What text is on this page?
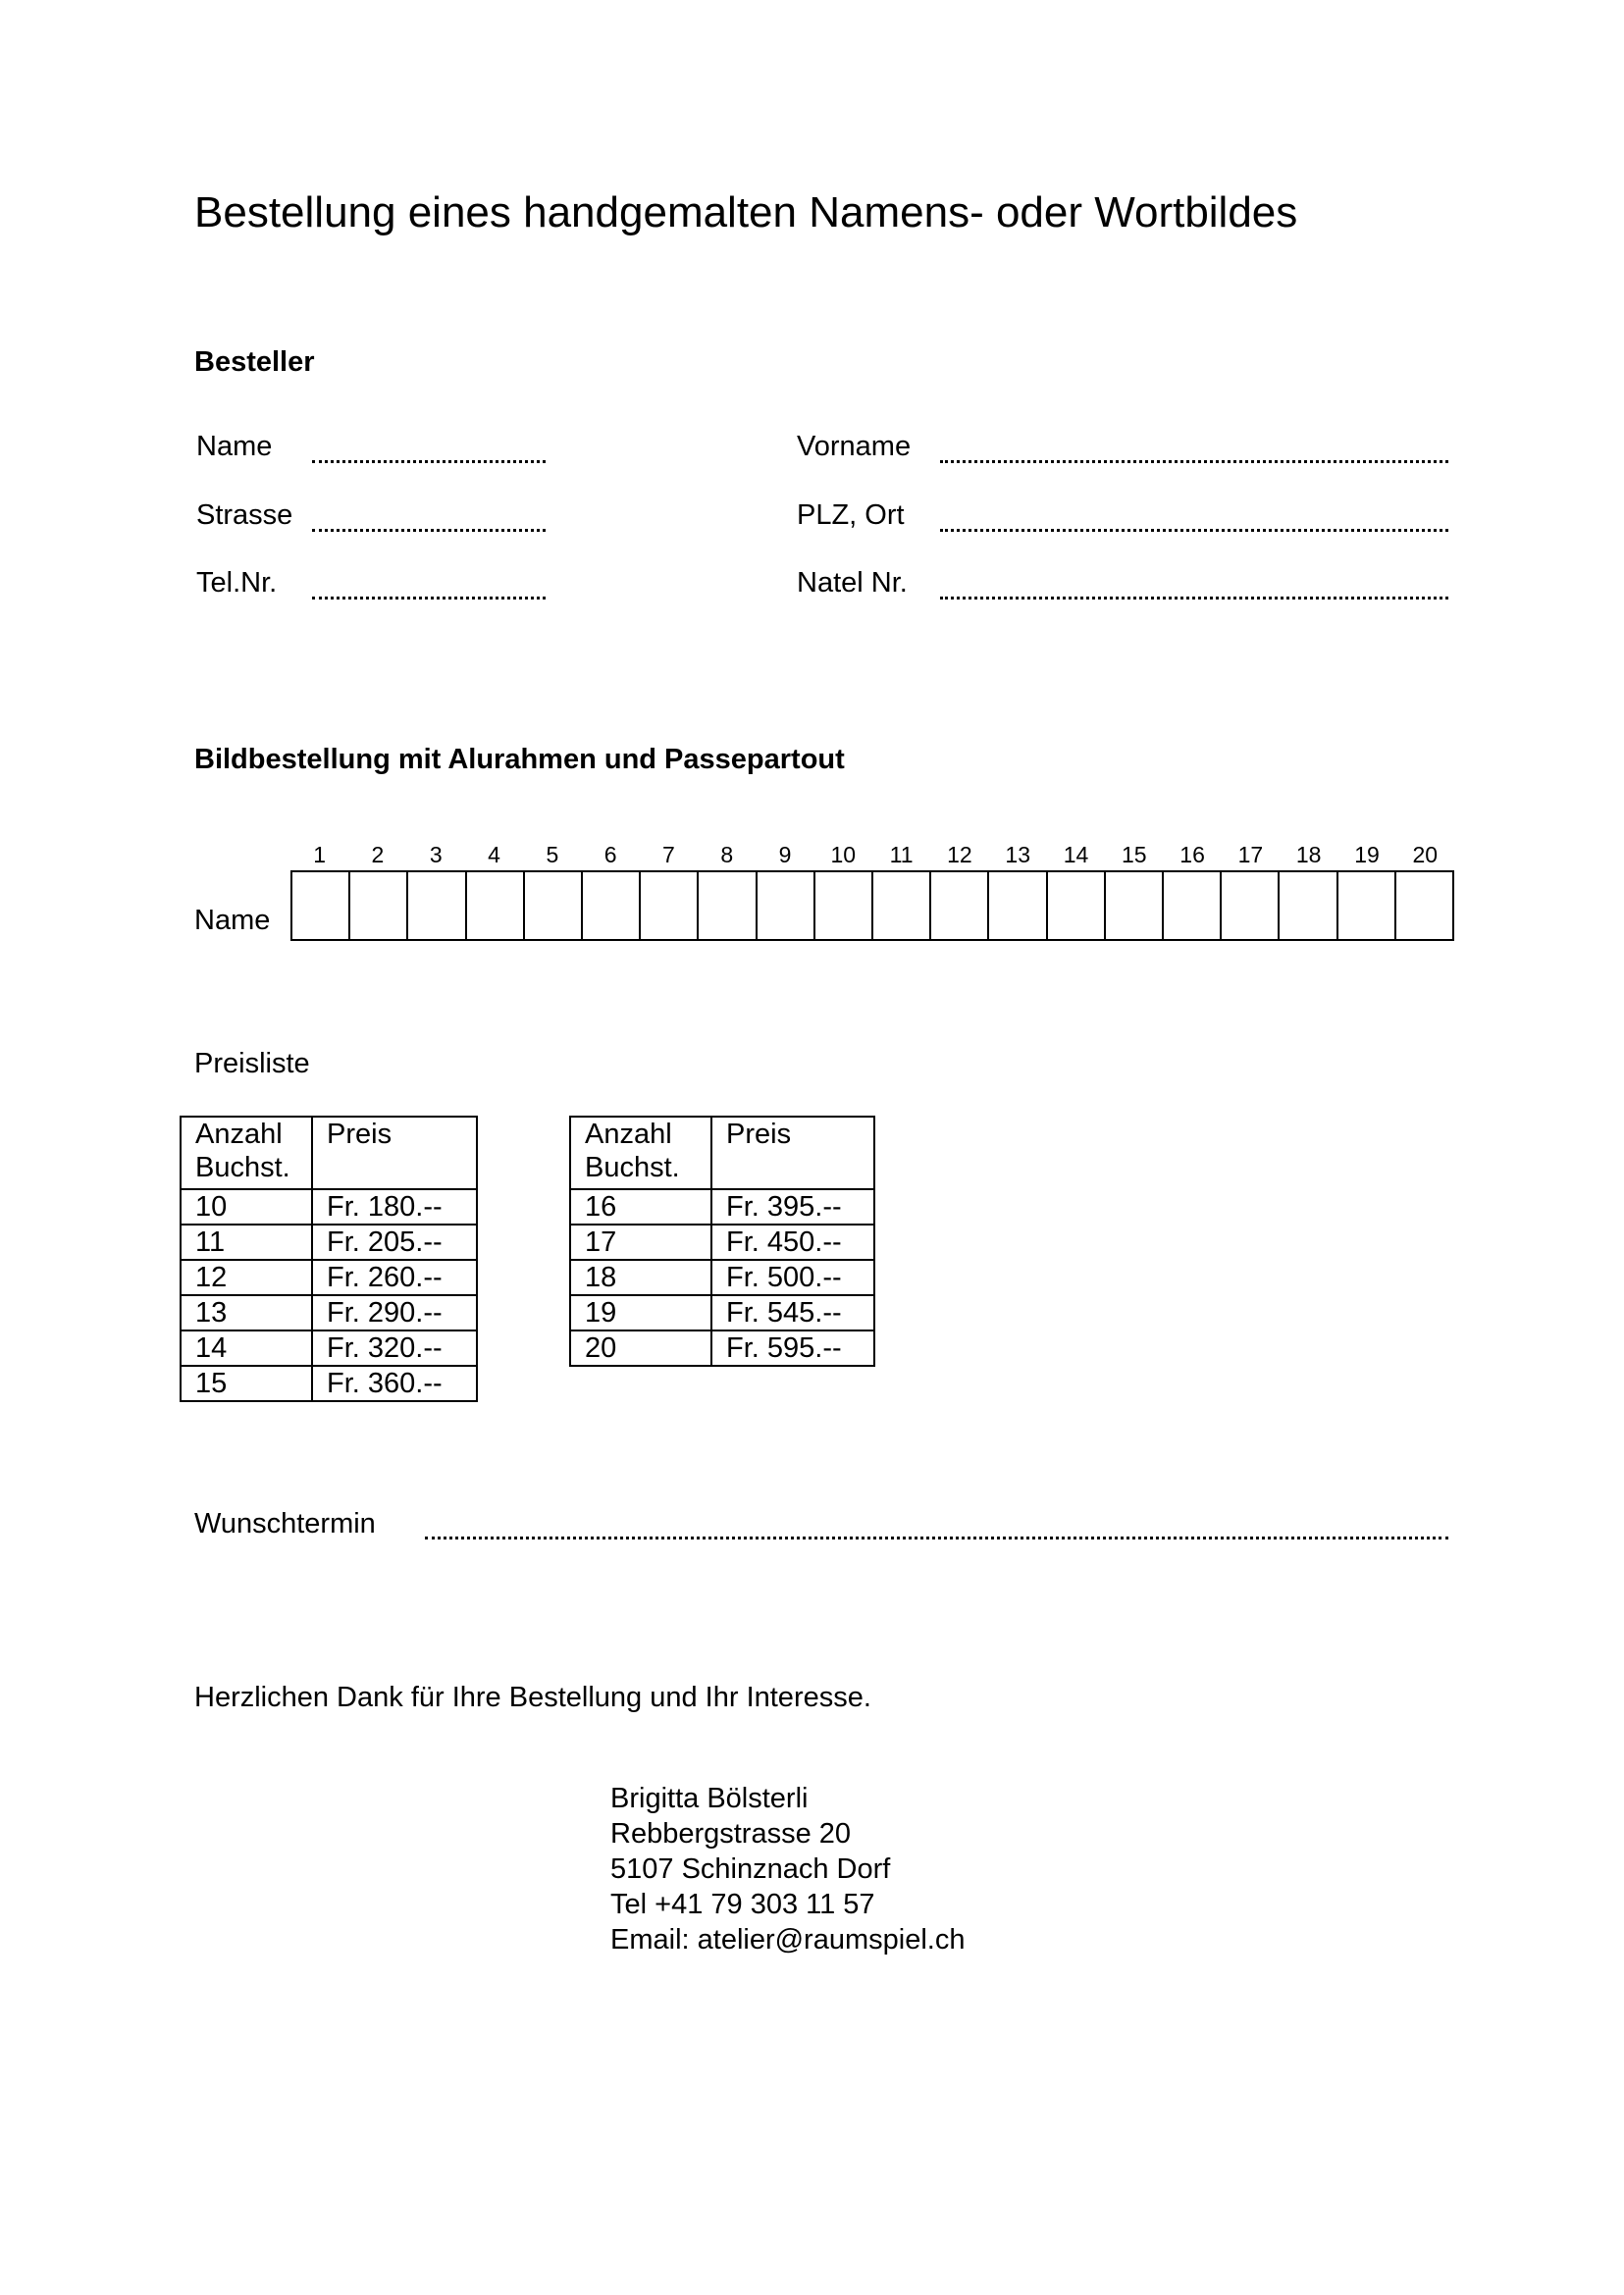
Bestellung eines handgemalten Namens- oder Wortbildes
Besteller
Name	Vorname
Strasse	PLZ, Ort
Tel.Nr.	Natel Nr.
Bildbestellung mit Alurahmen und Passepartout
1	2	3	4	5	6	7	8	9	10	11	12	13	14	15	16	17	18	19	20
Name
Preisliste
Anzahl Buchst.	Preis
10	Fr. 180.--
11	Fr. 205.--
12	Fr. 260.--
13	Fr. 290.--
14	Fr. 320.--
15	Fr. 360.--
Anzahl Buchst.	Preis
16	Fr. 395.--
17	Fr. 450.--
18	Fr. 500.--
19	Fr. 545.--
20	Fr. 595.--
Wunschtermin
Herzlichen Dank für Ihre Bestellung und Ihr Interesse.
Brigitta Bölsterli
Rebbergstrasse 20
5107 Schinznach Dorf
Tel +41 79 303 11 57
Email: atelier@raumspiel.ch
